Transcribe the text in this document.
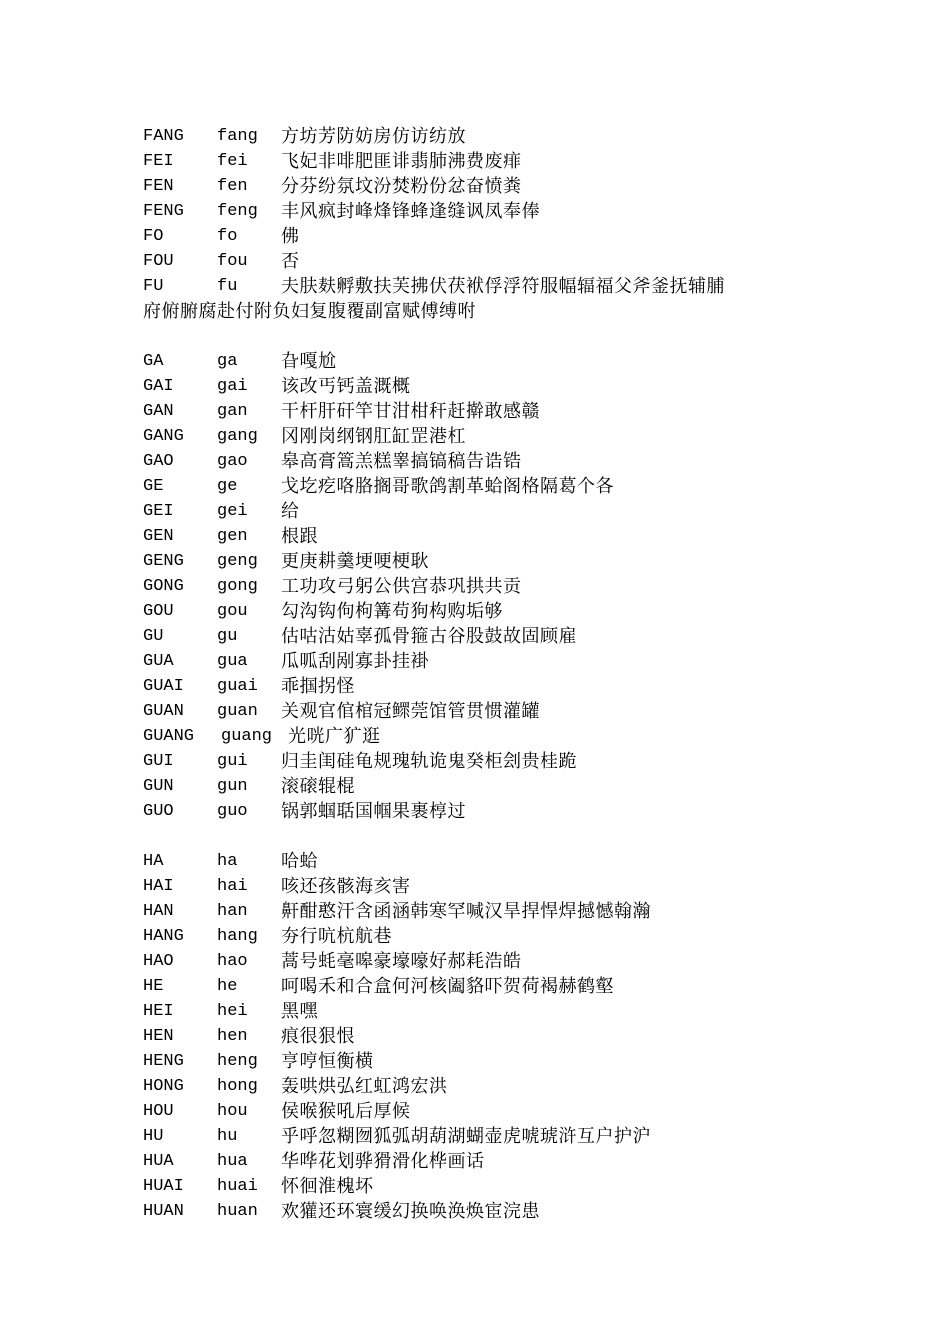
FANG fang 方坊芳防妨房仿访纺放
FEI	fei 飞妃非啡肥匪诽翡肺沸费废痱
FEN	fen 分芬纷氛坟汾焚粉份忿奋愤粪
FENG feng 丰风疯封峰烽锋蜂逢缝讽凤奉俸
FO	fo 佛
FOU	fou 否
FU	fu 夫肤麸孵敷扶芙拂伏茯袱俘浮符服幅辐福父斧釜抚辅脯
府俯腑腐赴付附负妇复腹覆副富赋傅缚咐
GA	ga 旮嘎尬
GAI	gai 该改丐钙盖溉概
GAN	gan 干杆肝矸竿甘泔柑秆赶擀敢感赣
GANG gang 冈刚岗纲钢肛缸罡港杠
GAO	gao 皋高膏篙羔糕睾搞镐稿告诰锆
GE	ge 戈圪疙咯胳搁哥歌鸽割革蛤阁格隔葛个各
GEI	gei 给
GEN	gen 根跟
GENG geng 更庚耕羹埂哽梗耿
GONG gong 工功攻弓躬公供宫恭巩拱共贡
GOU	gou 勾沟钩佝枸篝苟狗构购垢够
GU	gu 估咕沽姑辜孤骨箍古谷股鼓故固顾雇
GUA	gua 瓜呱刮剐寡卦挂褂
GUAI guai 乖掴拐怪
GUAN guan 关观官倌棺冠鳏莞馆管贯惯灌罐
GUANG guang 光咣广犷逛
GUI	gui 归圭闺硅龟规瑰轨诡鬼癸柜刽贵桂跪
GUN	gun 滚磙辊棍
GUO	guo 锅郭蝈聒国帼果裹椁过
HA	ha 哈蛤
HAI	hai 咳还孩骸海亥害
HAN	han 鼾酣憨汗含函涵韩寒罕喊汉旱捍悍焊撼憾翰瀚
HANG hang 夯行吭杭航巷
HAO	hao 蒿号蚝毫嗥豪壕嚎好郝耗浩皓
HE	he 呵喝禾和合盒何河核阖貉吓贺荷褐赫鹤壑
HEI	hei 黑嘿
HEN	hen 痕很狠恨
HENG heng 亨哼恒衡横
HONG hong 轰哄烘弘红虹鸿宏洪
HOU	hou 侯喉猴吼后厚候
HU	hu 乎呼忽糊囫狐弧胡葫湖蝴壶虎唬琥浒互户护沪
HUA	hua 华哗花划骅猾滑化桦画话
HUAI huai 怀徊淮槐坏
HUAN huan 欢獾还环寰缓幻换唤涣焕宦浣患
